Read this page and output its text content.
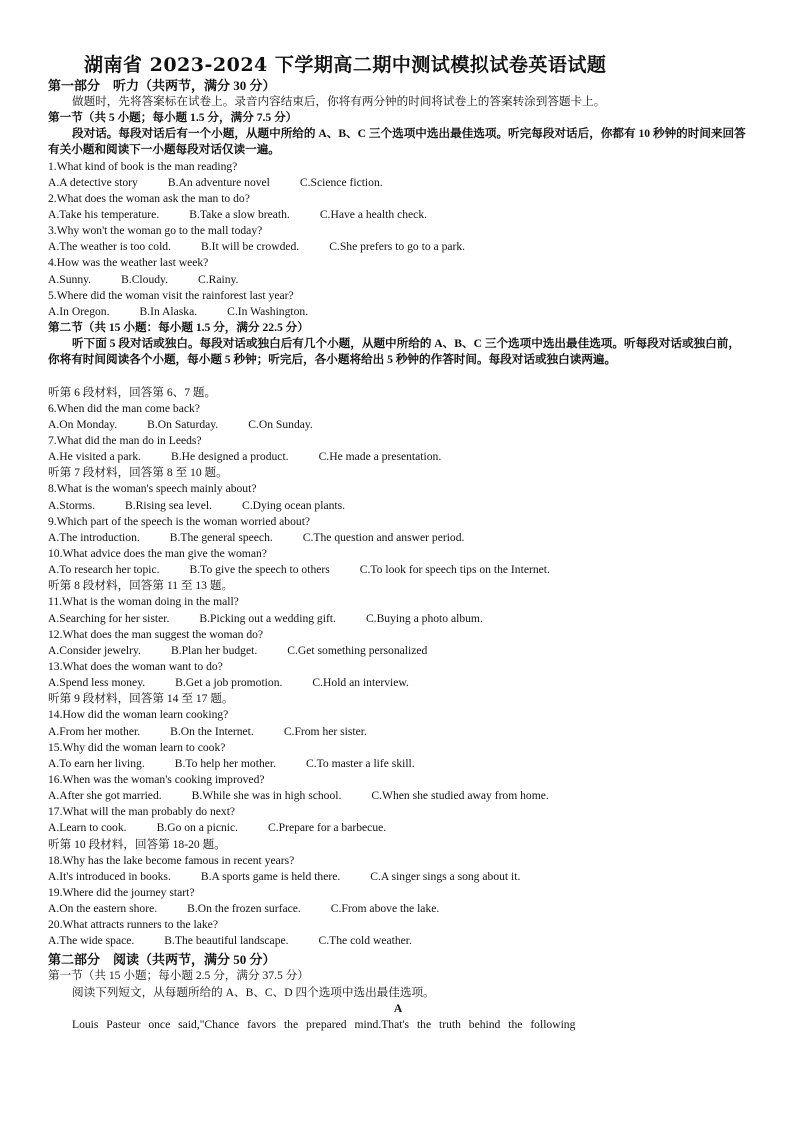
湖南省 2023-2024 下学期高二期中测试模拟试卷英语试题
第一部分　听力（共两节，满分 30 分）
做题时，先将答案标在试卷上。录音内容结束后，你将有两分钟的时间将试卷上的答案转涂到答题卡上。
第一节（共 5 小题；每小题 1.5 分，满分 7.5 分）
段对话。每段对话后有一个小题，从题中所给的 A、B、C 三个选项中选出最佳选项。听完每段对话后，你都有 10 秒钟的时间来回答有关小题和阅读下一小题每段对话仅读一遍。
1.What kind of book is the man reading?
A.A detective story	B.An adventure novel	C.Science fiction.
2.What does the woman ask the man to do?
A.Take his temperature.	B.Take a slow breath.	C.Have a health check.
3.Why won't the woman go to the mall today?
A.The weather is too cold.	B.It will be crowded.	C.She prefers to go to a park.
4.How was the weather last week?
A.Sunny.	B.Cloudy.	C.Rainy.
5.Where did the woman visit the rainforest last year?
A.In Oregon.	B.In Alaska.	C.In Washington.
第二节（共 15 小题：每小题 1.5 分，满分 22.5 分）
听下面 5 段对话或独白。每段对话或独白后有几个小题，从题中所给的 A、B、C 三个选项中选出最佳选项。听每段对话或独白前，你将有时间阅读各个小题，每小题 5 秒钟；听完后，各小题将给出 5 秒钟的作答时间。每段对话或独白读两遍。
听第 6 段材料，回答第 6、7 题。
6.When did the man come back?
A.On Monday.	B.On Saturday.	C.On Sunday.
7.What did the man do in Leeds?
A.He visited a park.	B.He designed a product.	C.He made a presentation.
听第 7 段材料，回答第 8 至 10 题。
8.What is the woman's speech mainly about?
A.Storms.	B.Rising sea level.	C.Dying ocean plants.
9.Which part of the speech is the woman worried about?
A.The introduction.	B.The general speech.	C.The question and answer period.
10.What advice does the man give the woman?
A.To research her topic.	B.To give the speech to others	C.To look for speech tips on the Internet.
听第 8 段材料，回答第 11 至 13 题。
11.What is the woman doing in the mall?
A.Searching for her sister.	B.Picking out a wedding gift.	C.Buying a photo album.
12.What does the man suggest the woman do?
A.Consider jewelry.	B.Plan her budget.	C.Get something personalized
13.What does the woman want to do?
A.Spend less money.	B.Get a job promotion.	C.Hold an interview.
听第 9 段材料，回答第 14 至 17 题。
14.How did the woman learn cooking?
A.From her mother.	B.On the Internet.	C.From her sister.
15.Why did the woman learn to cook?
A.To earn her living.	B.To help her mother.	C.To master a life skill.
16.When was the woman's cooking improved?
A.After she got married.	B.While she was in high school.	C.When she studied away from home.
17.What will the man probably do next?
A.Learn to cook.	B.Go on a picnic.	C.Prepare for a barbecue.
听第 10 段材料，回答第 18-20 题。
18.Why has the lake become famous in recent years?
A.It's introduced in books.	B.A sports game is held there.	C.A singer sings a song about it.
19.Where did the journey start?
A.On the eastern shore.	B.On the frozen surface.	C.From above the lake.
20.What attracts runners to the lake?
A.The wide space.	B.The beautiful landscape.	C.The cold weather.
第二部分　阅读（共两节，满分 50 分）
第一节（共 15 小题；每小题 2.5 分，满分 37.5 分）
阅读下列短文，从每题所给的 A、B、C、D 四个选项中选出最佳选项。
A
Louis Pasteur once said,"Chance favors the prepared mind.That's the truth behind the following
